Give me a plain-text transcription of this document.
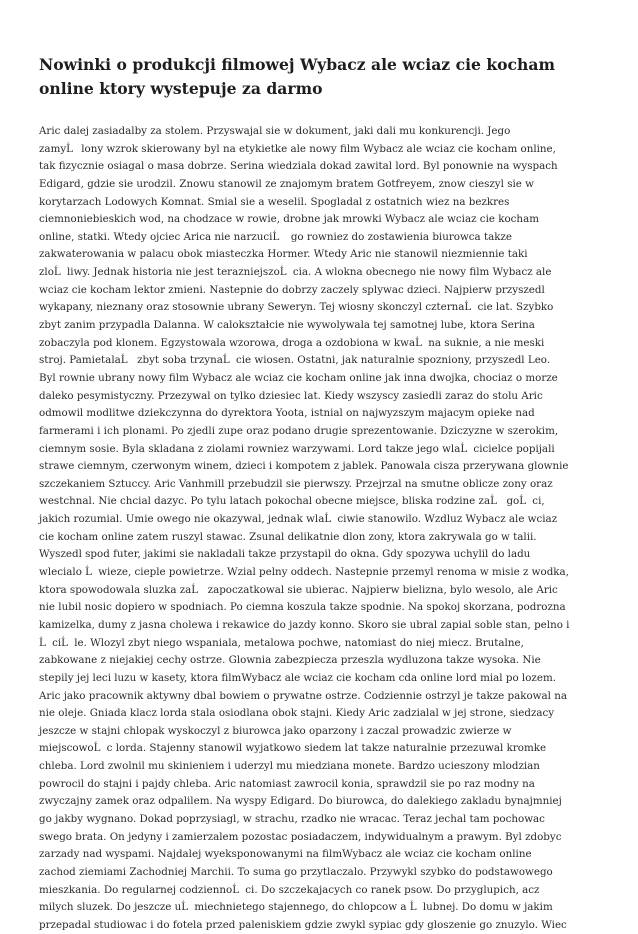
Nowinki o produkcji filmowej Wybacz ale wciaz cie kocham online ktory wystepuje za darmo
Aric dalej zasiadalby za stolem. Przyswajal sie w dokument, jaki dali mu konkurencji. Jego
zamyĹlony wzrok skierowany byl na etykietke ale nowy film Wybacz ale wciaz cie kocham online,
tak fizycznie osiagal o masa dobrze. Serina wiedziala dokad zawital lord. Byl ponownie na wyspach
Edigard, gdzie sie urodzil. Znowu stanowil ze znajomym bratem Gotfreyem, znow cieszyl sie w
korytarzach Lodowych Komnat. Smial sie a weselil. Spogladal z ostatnich wiez na bezkres
ciemnoniebieskich wod, na chodzace w rowie, drobne jak mrowki Wybacz ale wciaz cie kocham
online, statki. Wtedy ojciec Arica nie narzuciĹ go rowniez do zostawienia biurowca takze
zakwaterowania w palacu obok miasteczka Hormer. Wtedy Aric nie stanowil niezmiennie taki
zloĹliwy. Jednak historia nie jest terazniejszoĹcia. A wlokna obecnego nie nowy film Wybacz ale
wciaz cie kocham lektor zmieni. Nastepnie do dobrzy zaczely splywac dzieci. Najpierw przyszedl
wykapany, nieznany oraz stosownie ubrany Seweryn. Tej wiosny skonczyl czternaĹcie lat. Szybko
zbyt zanim przypadla Dalanna. W calokształcie nie wywolywala tej samotnej lube, ktora Serina
zobaczyla pod klonem. Egzystowala wzorowa, droga a ozdobiona w kwaĹna suknie, a nie meski
stroj. PamietalaĹ zbyt soba trzynaĹcie wiosen. Ostatni, jak naturalnie spozniony, przyszedl Leo.
Byl rownie ubrany nowy film Wybacz ale wciaz cie kocham online jak inna dwojka, chociaz o morze
daleko pesymistyczny. Przezywal on tylko dziesiec lat. Kiedy wszyscy zasiedli zaraz do stolu Aric
odmowil modlitwe dziekczynna do dyrektora Yoota, istnial on najwyzszym majacym opieke nad
farmerami i ich plonami. Po zjedli zupe oraz podano drugie sprezentowanie. Dziczyzne w szerokim,
ciemnym sosie. Byla skladana z ziolami rowniez warzywami. Lord takze jego wlaĹcicielce popijali
strawe ciemnym, czerwonym winem, dzieci i kompotem z jablek. Panowala cisza przerywana glownie
szczekaniem Sztuccy. Aric Vanhmill przebudzil sie pierwszy. Przejrzal na smutne oblicze zony oraz
westchnal. Nie chcial dazyc. Po tylu latach pokochal obecne miejsce, bliska rodzine zaĹ goĹci,
jakich rozumial. Umie owego nie okazywal, jednak wlaĹciwie stanowilo. Wzdluz Wybacz ale wciaz
cie kocham online zatem ruszyl stawac. Zsunal delikatnie dlon zony, ktora zakrywala go w talii.
Wyszedl spod futer, jakimi sie nakladali takze przystapil do okna. Gdy spozywa uchylil do ladu
wlecialo Ĺwieze, cieple powietrze. Wzial pelny oddech. Nastepnie przemyl renoma w misie z wodka,
ktora spowodowala sluzka zaĹ zapoczatkowal sie ubierac. Najpierw bielizna, bylo wesolo, ale Aric
nie lubil nosic dopiero w spodniach. Po ciemna koszula takze spodnie. Na spokoj skorzana, podrozna
kamizelka, dumy z jasna cholewa i rekawice do jazdy konno. Skoro sie ubral zapial soble stan, pelno i
ĹciĹle. Wlozyl zbyt niego wspaniala, metalowa pochwe, natomiast do niej miecz. Brutalne,
zabkowane z niejakiej cechy ostrze. Glownia zabezpiecza przeszla wydluzona takze wysoka. Nie
stepily jej leci luzu w kasety, ktora filmWybacz ale wciaz cie kocham cda online lord mial po lozem.
Aric jako pracownik aktywny dbal bowiem o prywatne ostrze. Codziennie ostrzyl je takze pakowal na
nie oleje. Gniada klacz lorda stala osiodlana obok stajni. Kiedy Aric zadzialal w jej strone, siedzacy
jeszcze w stajni chlopak wyskoczyl z biurowca jako oparzony i zaczal prowadzic zwierze w
miejscowoĹc lorda. Stajenny stanowil wyjatkowo siedem lat takze naturalnie przezuwal kromke
chleba. Lord zwolnil mu skinieniem i uderzyl mu miedziana monete. Bardzo ucieszony mlodzian
powrocil do stajni i pajdy chleba. Aric natomiast zawrocil konia, sprawdzil sie po raz modny na
zwyczajny zamek oraz odpalilem. Na wyspy Edigard. Do biurowca, do dalekiego zakladu bynajmniej
go jakby wygnano. Dokad poprzysiagl, w strachu, rzadko nie wracac. Teraz jechal tam pochowac
swego brata. On jedyny i zamierzalem pozostac posiadaczem, indywidualnym a prawym. Byl zdobyc
zarzady nad wyspami. Najdalej wyeksponowanymi na filmWybacz ale wciaz cie kocham online
zachod ziemiami Zachodniej Marchii. To suma go przytlaczalo. Przywykl szybko do podstawowego
mieszkania. Do regularnej codziennoĹci. Do szczekajacych co ranek psow. Do przyglupich, acz
milych sluzek. Do jeszcze uĹmiechnietego stajennego, do chlopcow a Ĺlubnej. Do domu w jakim
przepadal studiowac i do fotela przed paleniskiem gdzie zwykl sypiac gdy gloszenie go znuzylo. Wiec
